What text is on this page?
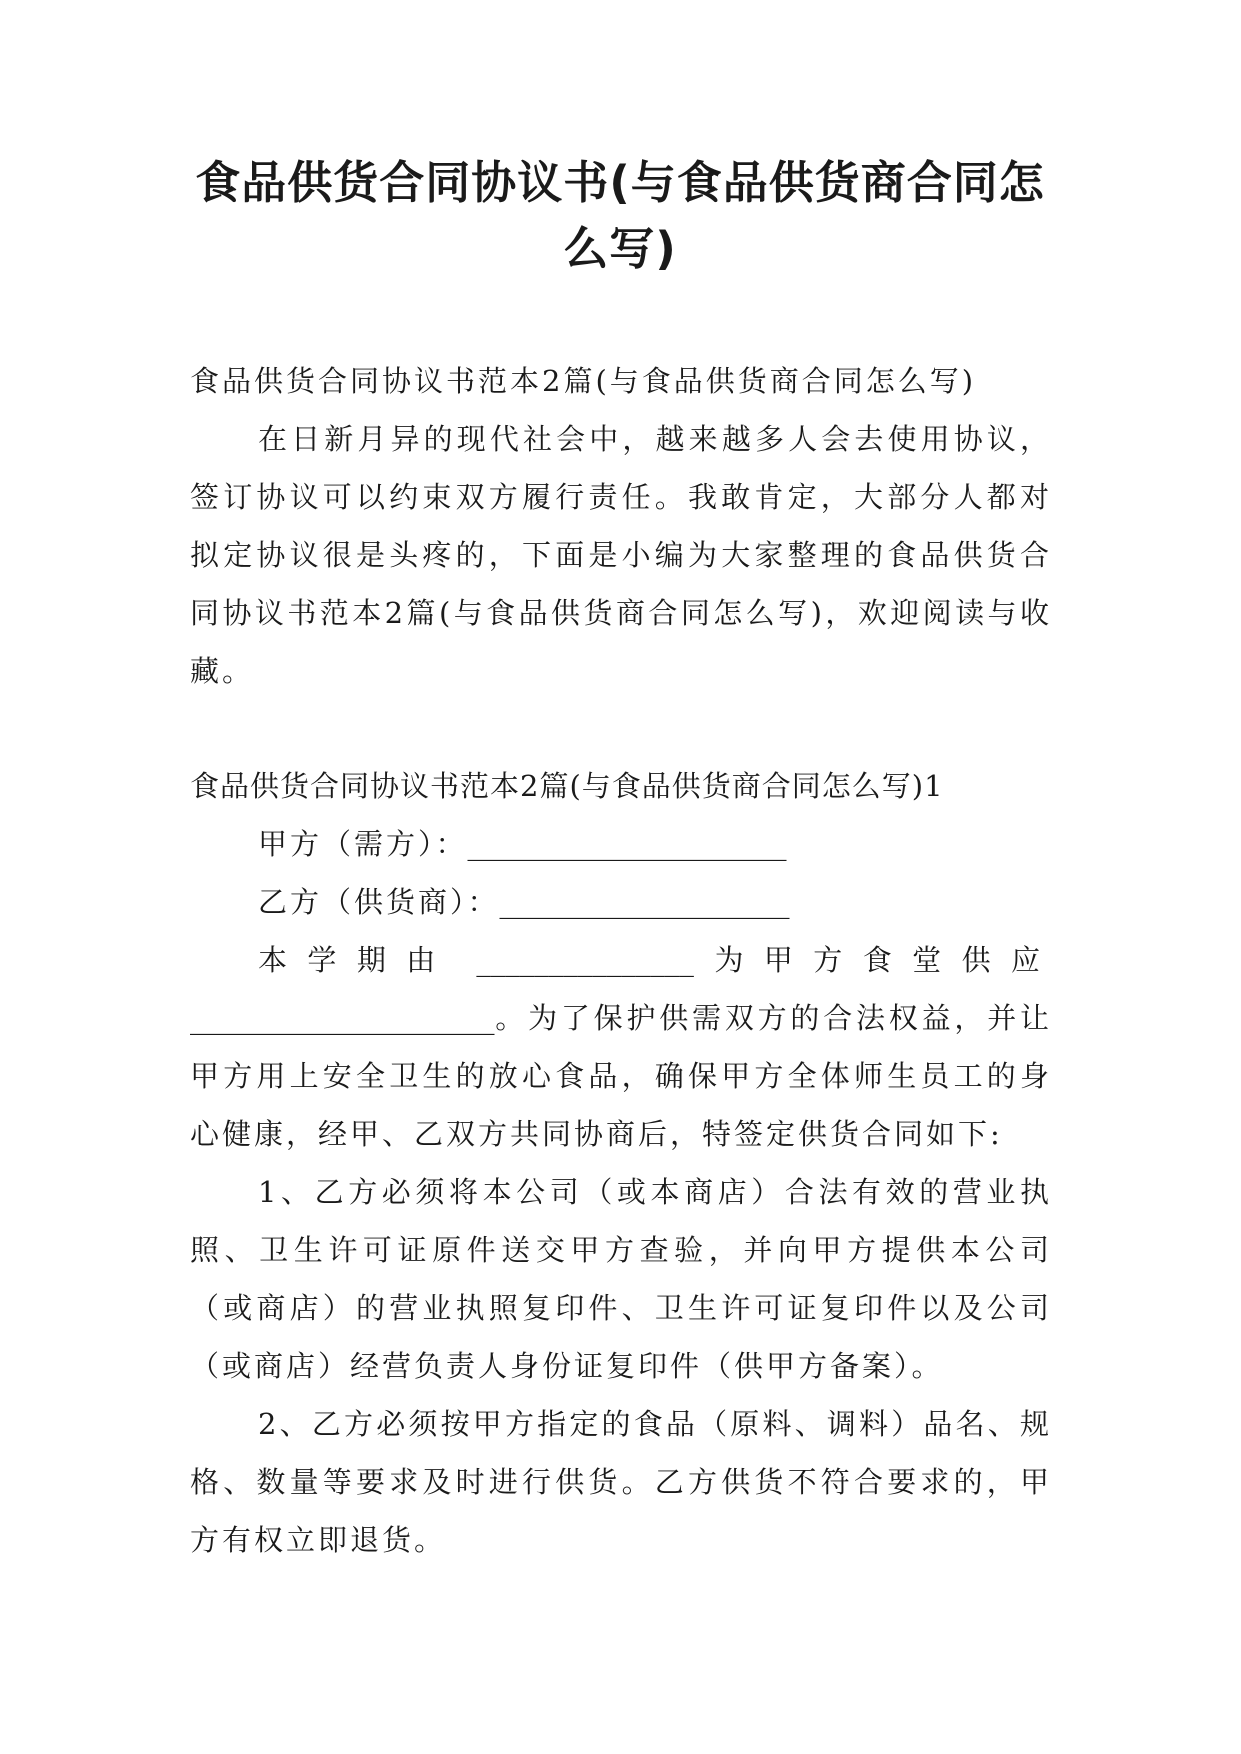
食品供货合同协议书(与食品供货商合同怎么写)

食品供货合同协议书范本2篇(与食品供货商合同怎么写)

在日新月异的现代社会中，越来越多人会去使用协议，签订协议可以约束双方履行责任。我敢肯定，大部分人都对拟定协议很是头疼的，下面是小编为大家整理的食品供货合同协议书范本2篇(与食品供货商合同怎么写)，欢迎阅读与收藏。

食品供货合同协议书范本2篇(与食品供货商合同怎么写)1

甲方（需方）：______________________

乙方（供货商）：____________________

本学期由 _______________ 为甲方食堂供应 _____________________。为了保护供需双方的合法权益，并让甲方用上安全卫生的放心食品，确保甲方全体师生员工的身心健康，经甲、乙双方共同协商后，特签定供货合同如下:

1、乙方必须将本公司（或本商店）合法有效的营业执照、卫生许可证原件送交甲方查验，并向甲方提供本公司（或商店）的营业执照复印件、卫生许可证复印件以及公司（或商店）经营负责人身份证复印件（供甲方备案）。

2、乙方必须按甲方指定的食品（原料、调料）品名、规格、数量等要求及时进行供货。乙方供货不符合要求的，甲方有权立即退货。
